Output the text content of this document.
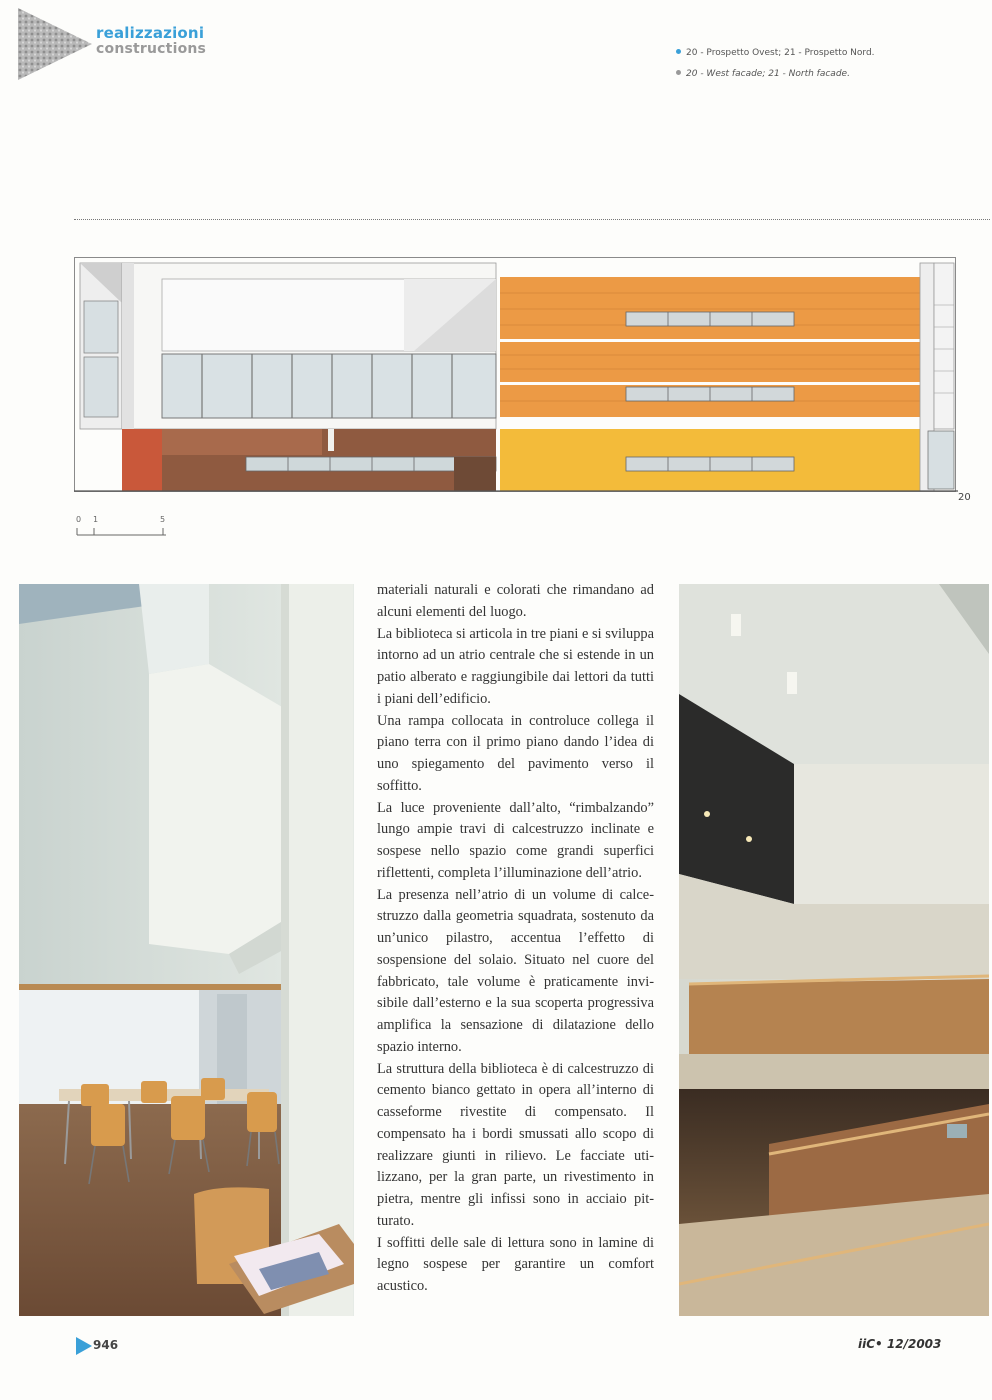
realizzazioni
constructions	20 - Prospetto Ovest; 21 - Prospetto Nord.
20 - West facade; 21 - North facade.
0 1	5
20

materiali naturali e colorati che rimandano ad alcuni elementi del luogo.

La biblioteca si articola in tre piani e si sviluppa intorno ad un atrio centrale che si estende in un patio alberato e raggiungibile dai lettori da tutti i piani dell’edificio.

Una rampa collocata in controluce collega il piano terra con il primo piano dando l’idea di uno spiegamento del pavimento verso il soffitto.

La luce proveniente dall’alto, “rimbalzando” lungo ampie travi di calcestruzzo inclinate e sospese nello spazio come grandi superfici riflettenti, completa l’illuminazione dell’atrio.

La presenza nell’atrio di un volume di calcestruzzo dalla geometria squadrata, sostenuto da un’unico pilastro, accentua l’effetto di sospensione del solaio. Situato nel cuore del fabbricato, tale volume è praticamente invisibile dall’esterno e la sua scoperta progressiva amplifica la sensazione di dilatazione dello spazio interno.

La struttura della biblioteca è di calcestruzzo di cemento bianco gettato in opera all’interno di casseforme rivestite di compensato. Il compensato ha i bordi smussati allo scopo di realizzare giunti in rilievo. Le facciate utilizzano, per la gran parte, un rivestimento in pietra, mentre gli infissi sono in acciaio pitturato.

I soffitti delle sale di lettura sono in lamine di legno sospese per garantire un comfort acustico.

946	iiC• 12/2003
